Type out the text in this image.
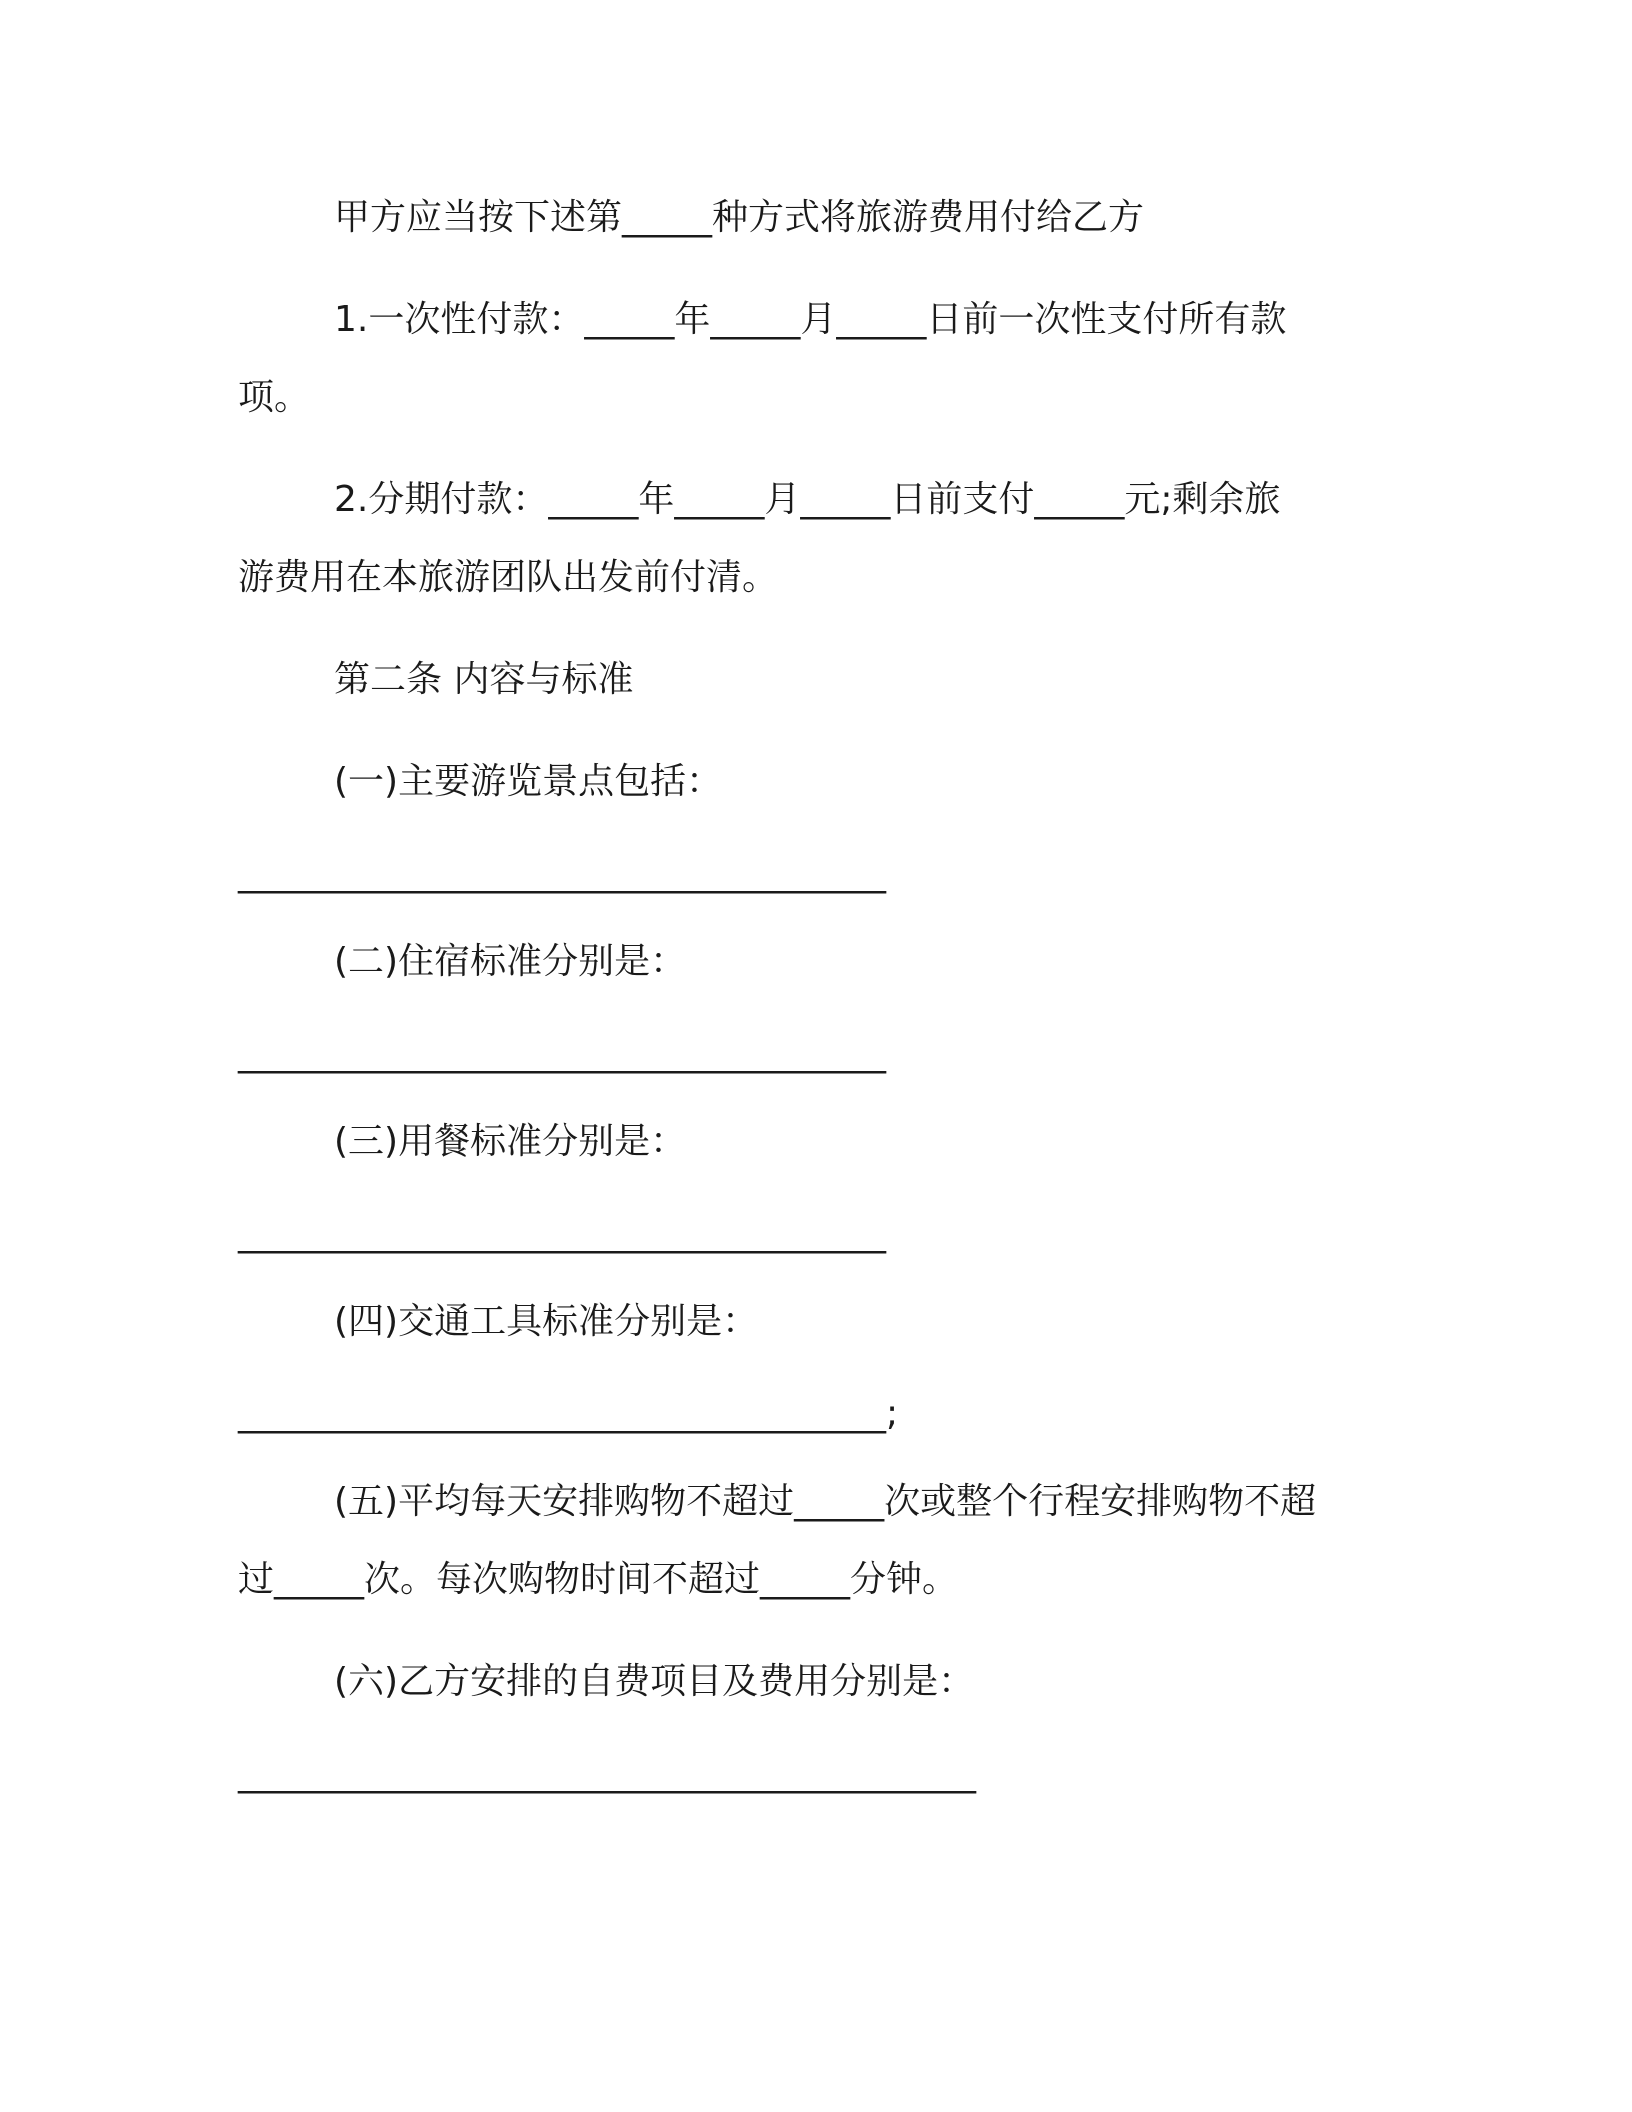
甲方应当按下述第_____种方式将旅游费用付给乙方
1.一次性付款：_____年_____月_____日前一次性支付所有款
项。
2.分期付款：_____年_____月_____日前支付_____元;剩余旅
游费用在本旅游团队出发前付清。
第二条 内容与标准
(一)主要游览景点包括：
____________________________________
(二)住宿标准分别是：
____________________________________
(三)用餐标准分别是：
____________________________________
(四)交通工具标准分别是：
____________________________________;
(五)平均每天安排购物不超过_____次或整个行程安排购物不超
过_____次。每次购物时间不超过_____分钟。
(六)乙方安排的自费项目及费用分别是：
_________________________________________
